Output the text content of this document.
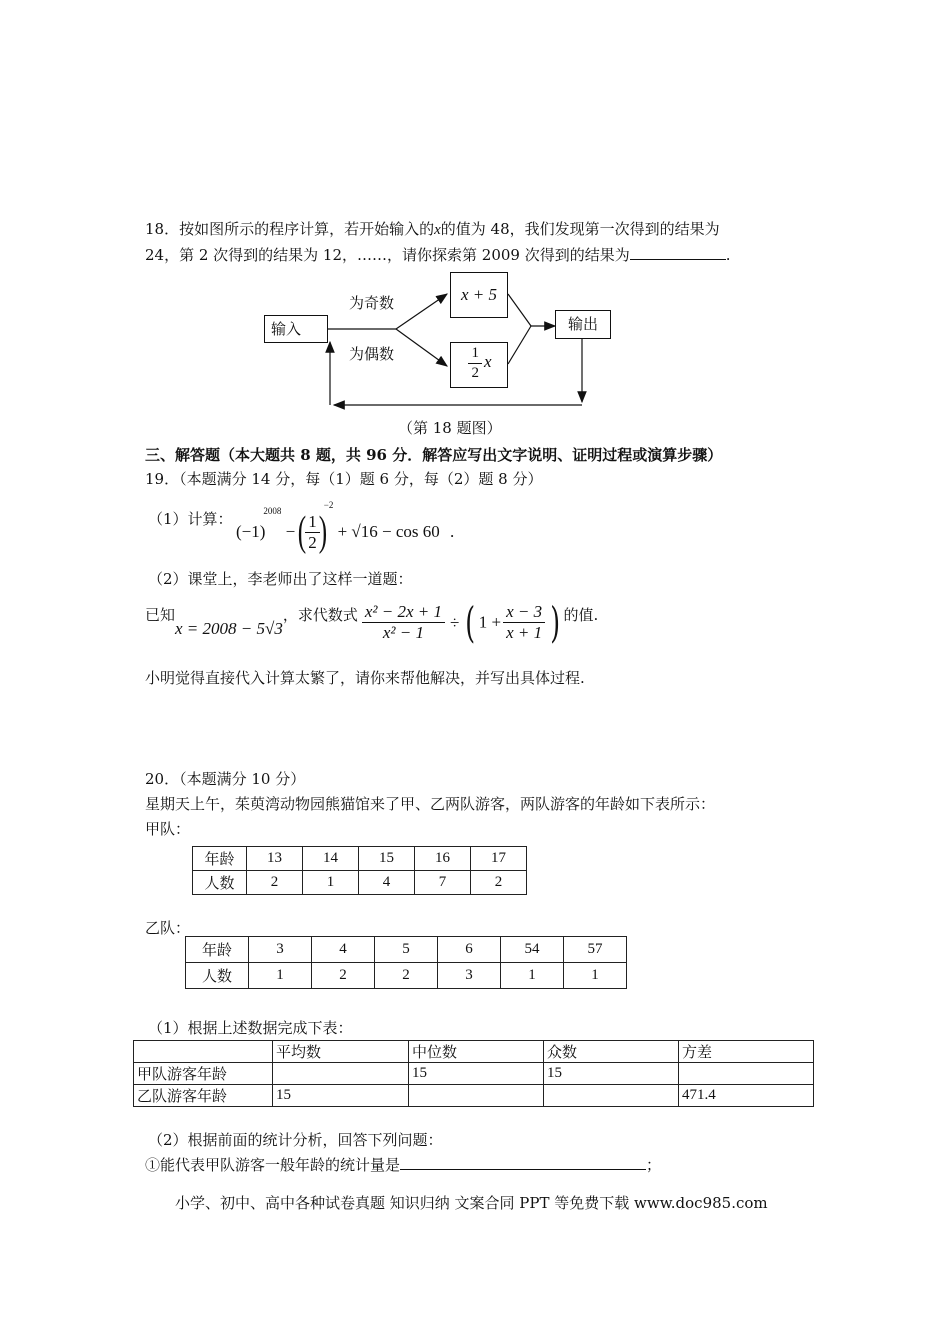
18．按如图所示的程序计算，若开始输入的x的值为 48，我们发现第一次得到的结果为
24，第 2 次得到的结果为 12，……，请你探索第 2009 次得到的结果为	.
输入
为奇数
为偶数
x + 5
$\frac{1}{2}$ x
输出
（第 18 题图）
三、解答题（本大题共 8 题，共 96 分．解答应写出文字说明、证明过程或演算步骤）
19．（本题满分 14 分，每（1）题 6 分，每（2）题 8 分）
（1）计算：
$(-1)^{2008}$ −(
$\frac{1}{2}$
)$^{-2}$ + √16 − cos 60 .
（2）课堂上，李老师出了这样一道题：
已知x = 2008 − 5√3，求代数式 $\frac{\text{x² − 2x + 1}}{\text{x² − 1}}$ ÷ ( $1 + \frac{x - 3}{x + 1}$ ) 的值.
小明觉得直接代入计算太繁了，请你来帮他解决，并写出具体过程.
20．（本题满分 10 分）
星期天上午，茱萸湾动物园熊猫馆来了甲、乙两队游客，两队游客的年龄如下表所示：
甲队：
年龄	13	14	15	16	17
人数	2	1	4	7	2
乙队：
年龄	3	4	5	6	54	57
人数	1	2	2	3	1	1
（1）根据上述数据完成下表：
	平均数	中位数	众数	方差
甲队游客年龄		15	15	
乙队游客年龄	15			471.4
（2）根据前面的统计分析，回答下列问题：
①能代表甲队游客一般年龄的统计量是	；
小学、初中、高中各种试卷真题 知识归纳 文案合同 PPT 等免费下载 www.doc985.com
